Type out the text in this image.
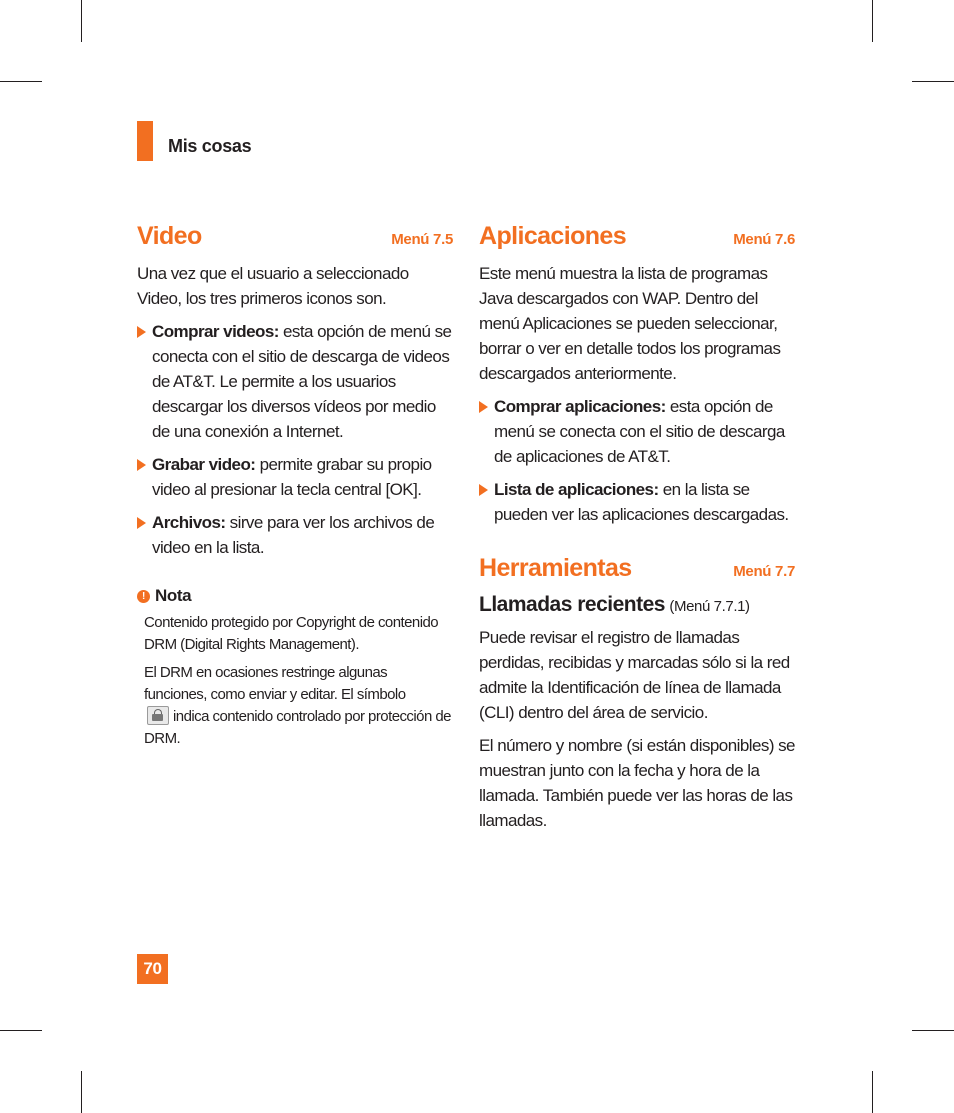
Mis cosas
Video	Menú 7.5

Una vez que el usuario a seleccionado Video, los tres primeros iconos son.

Comprar videos: esta opción de menú se conecta con el sitio de descarga de videos de AT&T. Le permite a los usuarios descargar los diversos vídeos por medio de una conexión a Internet.
Grabar video: permite grabar su propio video al presionar la tecla central [OK].
Archivos: sirve para ver los archivos de video en la lista.
! Nota

Contenido protegido por Copyright de contenido DRM (Digital Rights Management).

El DRM en ocasiones restringe algunas funciones, como enviar y editar. El símbolo
indica contenido controlado por protección de DRM.

Aplicaciones	Menú 7.6

Este menú muestra la lista de programas Java descargados con WAP. Dentro del menú Aplicaciones se pueden seleccionar, borrar o ver en detalle todos los programas descargados anteriormente.

Comprar aplicaciones: esta opción de menú se conecta con el sitio de descarga de aplicaciones de AT&T.
Lista de aplicaciones: en la lista se pueden ver las aplicaciones descargadas.
Herramientas	Menú 7.7
Llamadas recientes (Menú 7.7.1)

Puede revisar el registro de llamadas perdidas, recibidas y marcadas sólo si la red admite la Identificación de línea de llamada (CLI) dentro del área de servicio.

El número y nombre (si están disponibles) se muestran junto con la fecha y hora de la llamada. También puede ver las horas de las llamadas.

70
